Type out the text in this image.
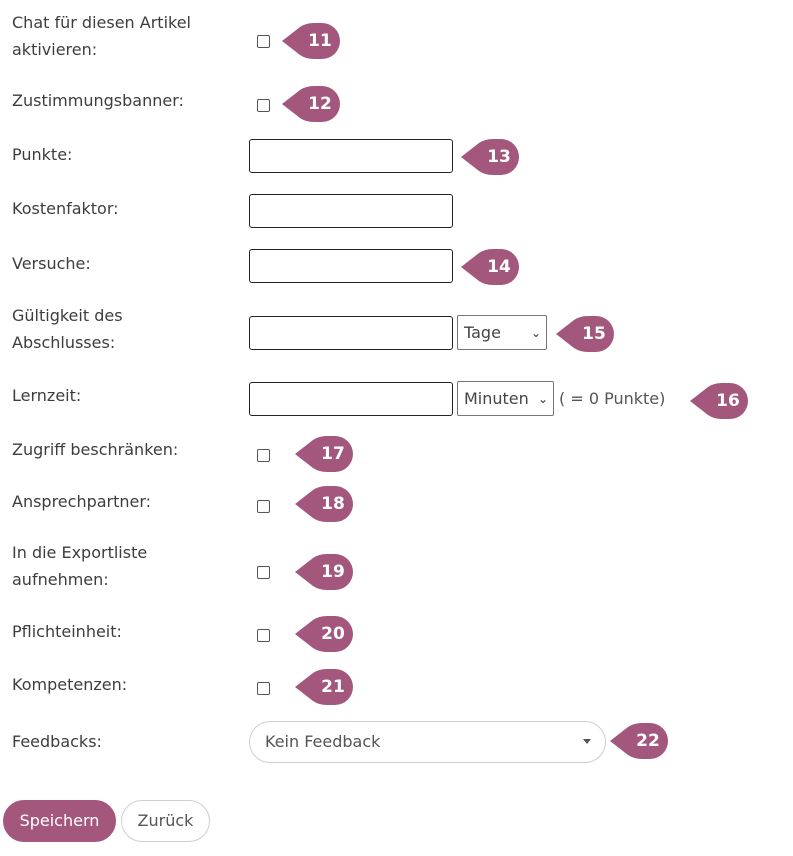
Chat für diesen Artikel
aktivieren:	11
Zustimmungsbanner:	12
Punkte:	13
Kostenfaktor:
Versuche:	14
Gültigkeit des
Abschlusses:
Tage	⌄	15
Lernzeit:	Minuten ⌄ ( = 0 Punkte)	16
Zugriff beschränken:	17
Ansprechpartner:	18
In die Exportliste
aufnehmen:	19
Pflichteinheit:	20
Kompetenzen:	21
Feedbacks:	Kein Feedback	22
Speichern	Zurück
